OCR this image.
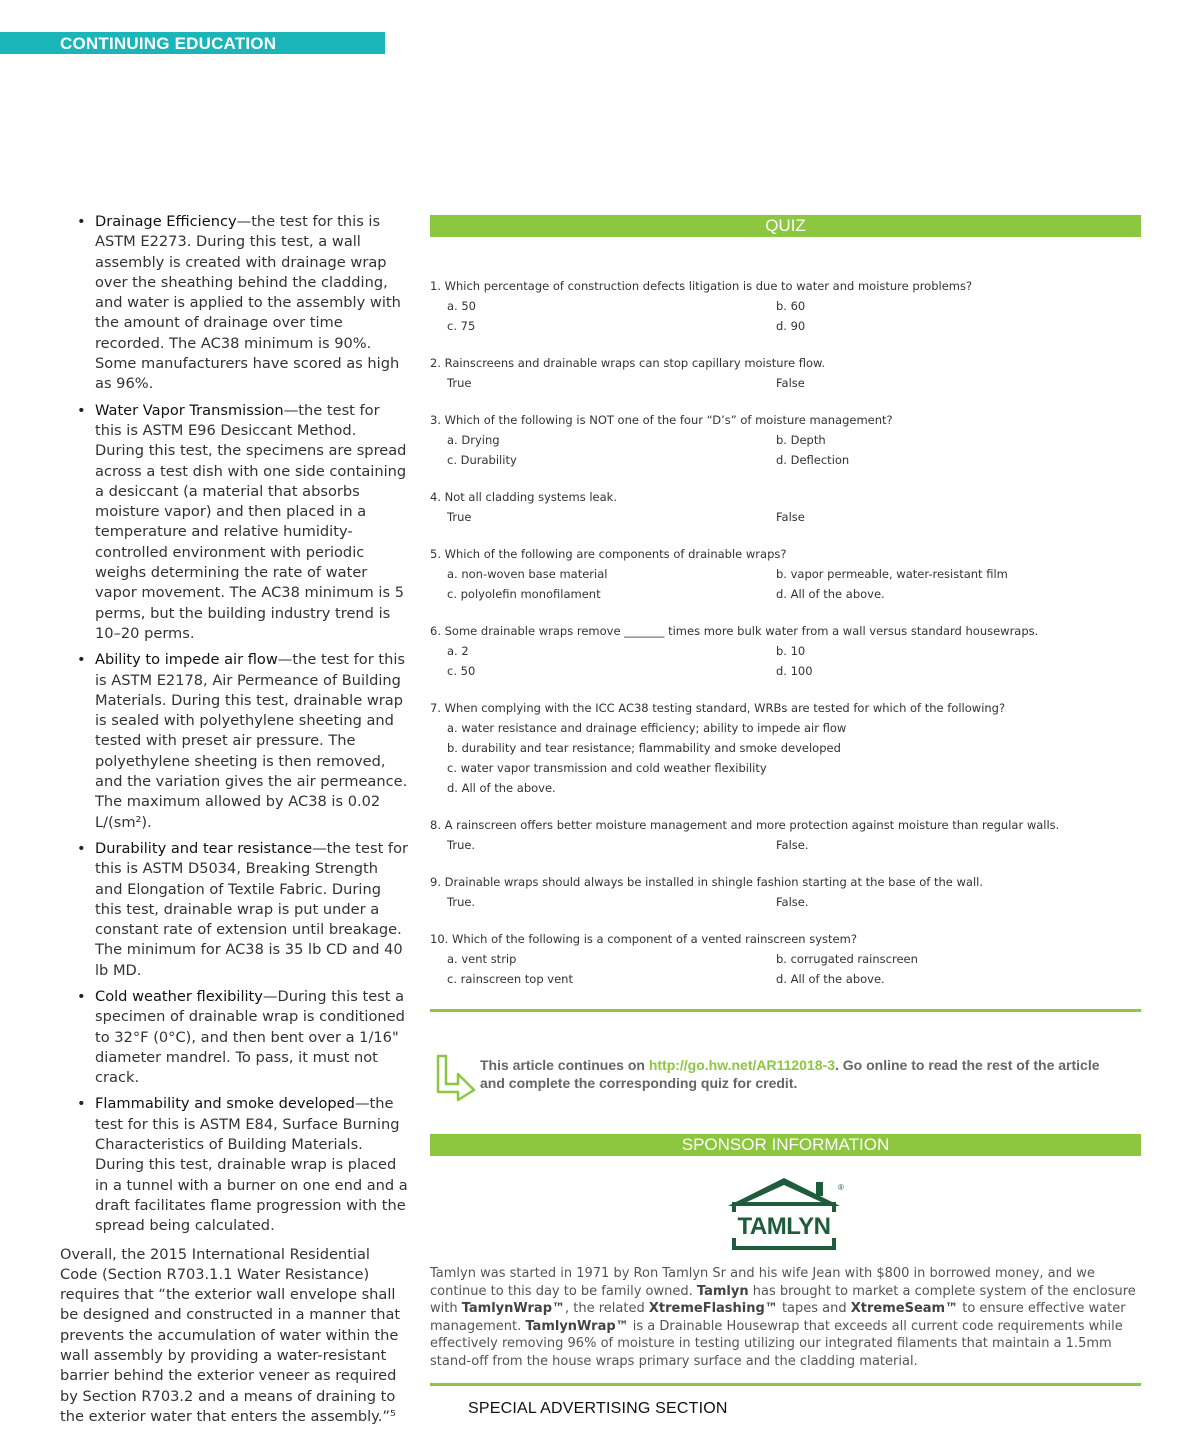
CONTINUING EDUCATION
• Drainage Efficiency—the test for this is ASTM E2273. During this test, a wall assembly is created with drainage wrap over the sheathing behind the cladding, and water is applied to the assembly with the amount of drainage over time recorded. The AC38 minimum is 90%. Some manufacturers have scored as high as 96%.
• Water Vapor Transmission—the test for this is ASTM E96 Desiccant Method. During this test, the specimens are spread across a test dish with one side containing a desiccant (a material that absorbs moisture vapor) and then placed in a temperature and relative humidity-controlled environment with periodic weighs determining the rate of water vapor movement. The AC38 minimum is 5 perms, but the building industry trend is 10–20 perms.
• Ability to impede air flow—the test for this is ASTM E2178, Air Permeance of Building Materials. During this test, drainable wrap is sealed with polyethylene sheeting and tested with preset air pressure. The polyethylene sheeting is then removed, and the variation gives the air permeance. The maximum allowed by AC38 is 0.02 L/(sm²).
• Durability and tear resistance—the test for this is ASTM D5034, Breaking Strength and Elongation of Textile Fabric. During this test, drainable wrap is put under a constant rate of extension until breakage. The minimum for AC38 is 35 lb CD and 40 lb MD.
• Cold weather flexibility—During this test a specimen of drainable wrap is conditioned to 32°F (0°C), and then bent over a 1/16" diameter mandrel. To pass, it must not crack.
• Flammability and smoke developed—the test for this is ASTM E84, Surface Burning Characteristics of Building Materials. During this test, drainable wrap is placed in a tunnel with a burner on one end and a draft facilitates flame progression with the spread being calculated.

Overall, the 2015 International Residential Code (Section R703.1.1 Water Resistance) requires that “the exterior wall envelope shall be designed and constructed in a manner that prevents the accumulation of water within the wall assembly by providing a water-resistant barrier behind the exterior veneer as required by Section R703.2 and a means of draining to the exterior water that enters the assembly.”⁵

QUIZ
1. Which percentage of construction defects litigation is due to water and moisture problems?
a. 50	b. 60
c. 75	d. 90
2. Rainscreens and drainable wraps can stop capillary moisture flow.
True	False
3. Which of the following is NOT one of the four “D’s” of moisture management?
a. Drying	b. Depth
c. Durability	d. Deflection
4. Not all cladding systems leak.
True	False
5. Which of the following are components of drainable wraps?
a. non-woven base material	b. vapor permeable, water-resistant film
c. polyolefin monofilament	d. All of the above.
6. Some drainable wraps remove _______ times more bulk water from a wall versus standard housewraps.
a. 2	b. 10
c. 50	d. 100
7. When complying with the ICC AC38 testing standard, WRBs are tested for which of the following?
a. water resistance and drainage efficiency; ability to impede air flow
b. durability and tear resistance; flammability and smoke developed
c. water vapor transmission and cold weather flexibility
d. All of the above.
8. A rainscreen offers better moisture management and more protection against moisture than regular walls.
True.	False.
9. Drainable wraps should always be installed in shingle fashion starting at the base of the wall.
True.	False.
10. Which of the following is a component of a vented rainscreen system?
a. vent strip	b. corrugated rainscreen
c. rainscreen top vent	d. All of the above.
This article continues on http://go.hw.net/AR112018-3. Go online to read the rest of the article and complete the corresponding quiz for credit.
SPONSOR INFORMATION
TAMLYN
®
Tamlyn was started in 1971 by Ron Tamlyn Sr and his wife Jean with $800 in borrowed money, and we continue to this day to be family owned. Tamlyn has brought to market a complete system of the enclosure with TamlynWrap™, the related XtremeFlashing™ tapes and XtremeSeam™ to ensure effective water management. TamlynWrap™ is a Drainable Housewrap that exceeds all current code requirements while effectively removing 96% of moisture in testing utilizing our integrated filaments that maintain a 1.5mm stand-off from the house wraps primary surface and the cladding material.
SPECIAL ADVERTISING SECTION
